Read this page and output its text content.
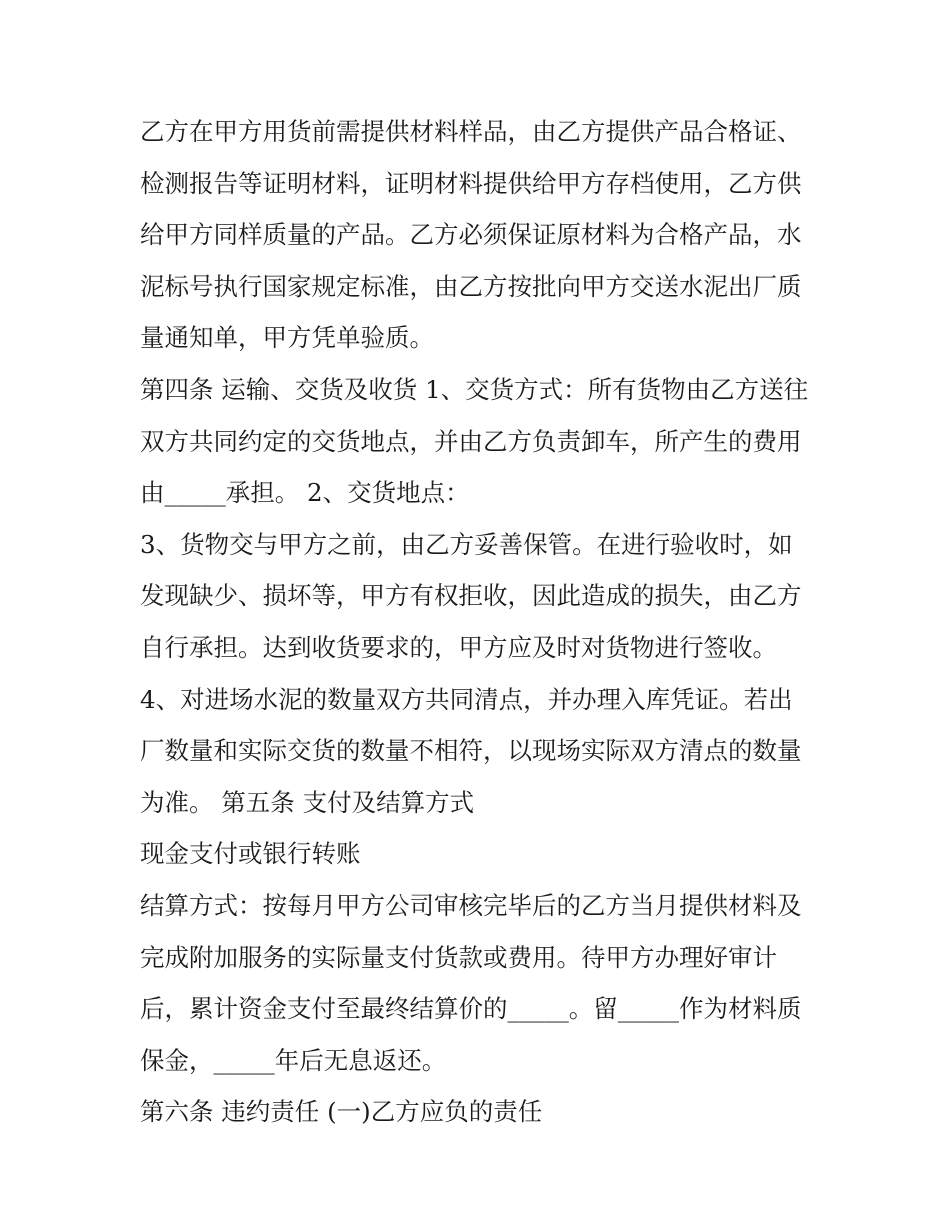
乙方在甲方用货前需提供材料样品，由乙方提供产品合格证、
检测报告等证明材料，证明材料提供给甲方存档使用，乙方供
给甲方同样质量的产品。乙方必须保证原材料为合格产品，水
泥标号执行国家规定标准，由乙方按批向甲方交送水泥出厂质
量通知单，甲方凭单验质。
第四条 运输、交货及收货 1、交货方式：所有货物由乙方送往
双方共同约定的交货地点，并由乙方负责卸车，所产生的费用
由_____承担。 2、交货地点：
3、货物交与甲方之前，由乙方妥善保管。在进行验收时，如
发现缺少、损坏等，甲方有权拒收，因此造成的损失，由乙方
自行承担。达到收货要求的，甲方应及时对货物进行签收。
4、对进场水泥的数量双方共同清点，并办理入库凭证。若出
厂数量和实际交货的数量不相符，以现场实际双方清点的数量
为准。 第五条 支付及结算方式
现金支付或银行转账
结算方式：按每月甲方公司审核完毕后的乙方当月提供材料及
完成附加服务的实际量支付货款或费用。待甲方办理好审计
后，累计资金支付至最终结算价的_____。留_____作为材料质
保金，_____年后无息返还。
第六条 违约责任 (一)乙方应负的责任
